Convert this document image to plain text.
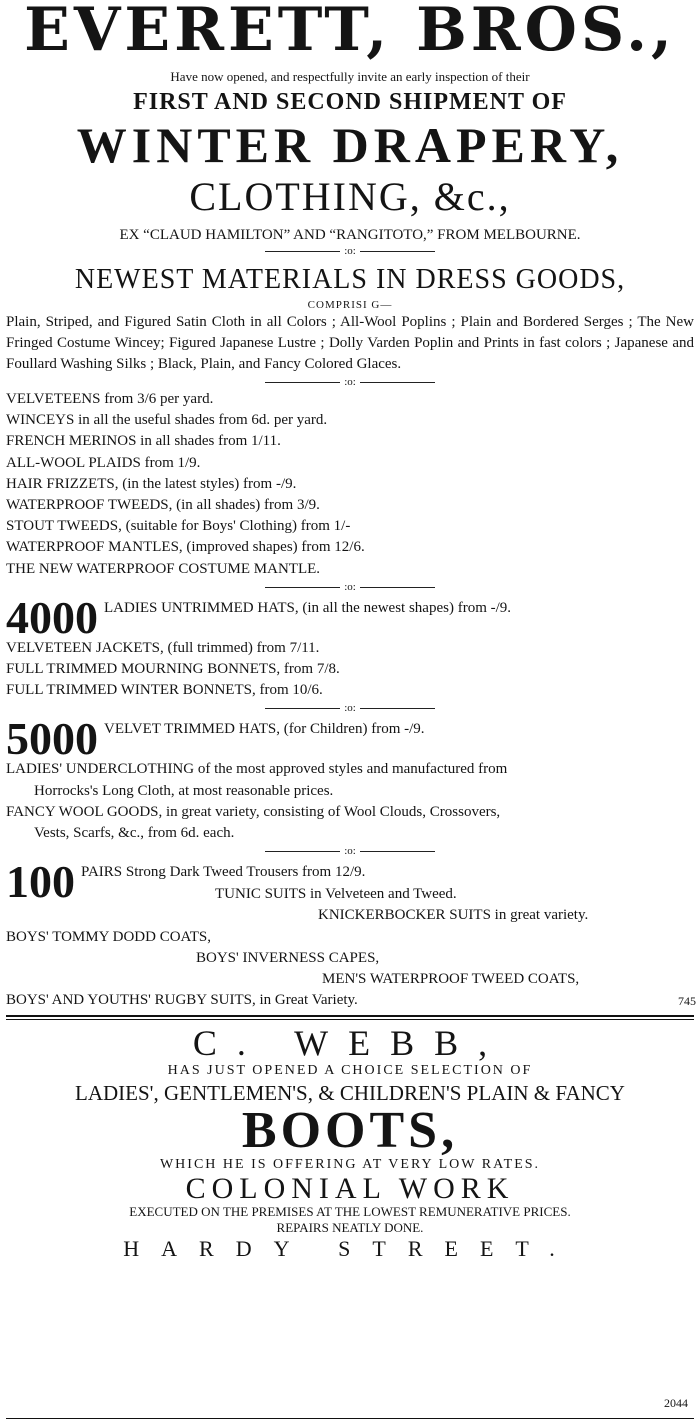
EVERETT, BROS.,
Have now opened, and respectfully invite an early inspection of their
FIRST AND SECOND SHIPMENT OF
WINTER DRAPERY,
CLOTHING, &c.,
EX “CLAUD HAMILTON” AND “RANGITOTO,” FROM MELBOURNE.
:o:
NEWEST MATERIALS IN DRESS GOODS,
COMPRISI G—
Plain, Striped, and Figured Satin Cloth in all Colors ; All-Wool Poplins ; Plain and Bordered Serges ; The New Fringed Costume Wincey; Figured Japanese Lustre ; Dolly Varden Poplin and Prints in fast colors ; Japanese and Foullard Washing Silks ; Black, Plain, and Fancy Colored Glaces.
:o:
VELVETEENS from 3/6 per yard.
WINCEYS in all the useful shades from 6d. per yard.
FRENCH MERINOS in all shades from 1/11.
ALL-WOOL PLAIDS from 1/9.
HAIR FRIZZETS, (in the latest styles) from -/9.
WATERPROOF TWEEDS, (in all shades) from 3/9.
STOUT TWEEDS, (suitable for Boys' Clothing) from 1/-
WATERPROOF MANTLES, (improved shapes) from 12/6.
THE NEW WATERPROOF COSTUME MANTLE.
:o:
4000 LADIES UNTRIMMED HATS, (in all the newest shapes) from -/9.
VELVETEEN JACKETS, (full trimmed) from 7/11.
FULL TRIMMED MOURNING BONNETS, from 7/8.
FULL TRIMMED WINTER BONNETS, from 10/6.
:o:
5000 VELVET TRIMMED HATS, (for Children) from -/9.
LADIES' UNDERCLOTHING of the most approved styles and manufactured from
Horrocks's Long Cloth, at most reasonable prices.
FANCY WOOL GOODS, in great variety, consisting of Wool Clouds, Crossovers,
Vests, Scarfs, &c., from 6d. each.
:o:
100 PAIRS Strong Dark Tweed Trousers from 12/9.
TUNIC SUITS in Velveteen and Tweed.
KNICKERBOCKER SUITS in great variety.
BOYS' TOMMY DODD COATS,
BOYS' INVERNESS CAPES,
MEN'S WATERPROOF TWEED COATS,
BOYS' AND YOUTHS' RUGBY SUITS, in Great Variety.	745
C. WEBB,
HAS JUST OPENED A CHOICE SELECTION OF
LADIES', GENTLEMEN'S, & CHILDREN'S PLAIN & FANCY
BOOTS,
WHICH HE IS OFFERING AT VERY LOW RATES.
COLONIAL WORK
EXECUTED ON THE PREMISES AT THE LOWEST REMUNERATIVE PRICES.
REPAIRS NEATLY DONE.
HARDY STREET.
2044
